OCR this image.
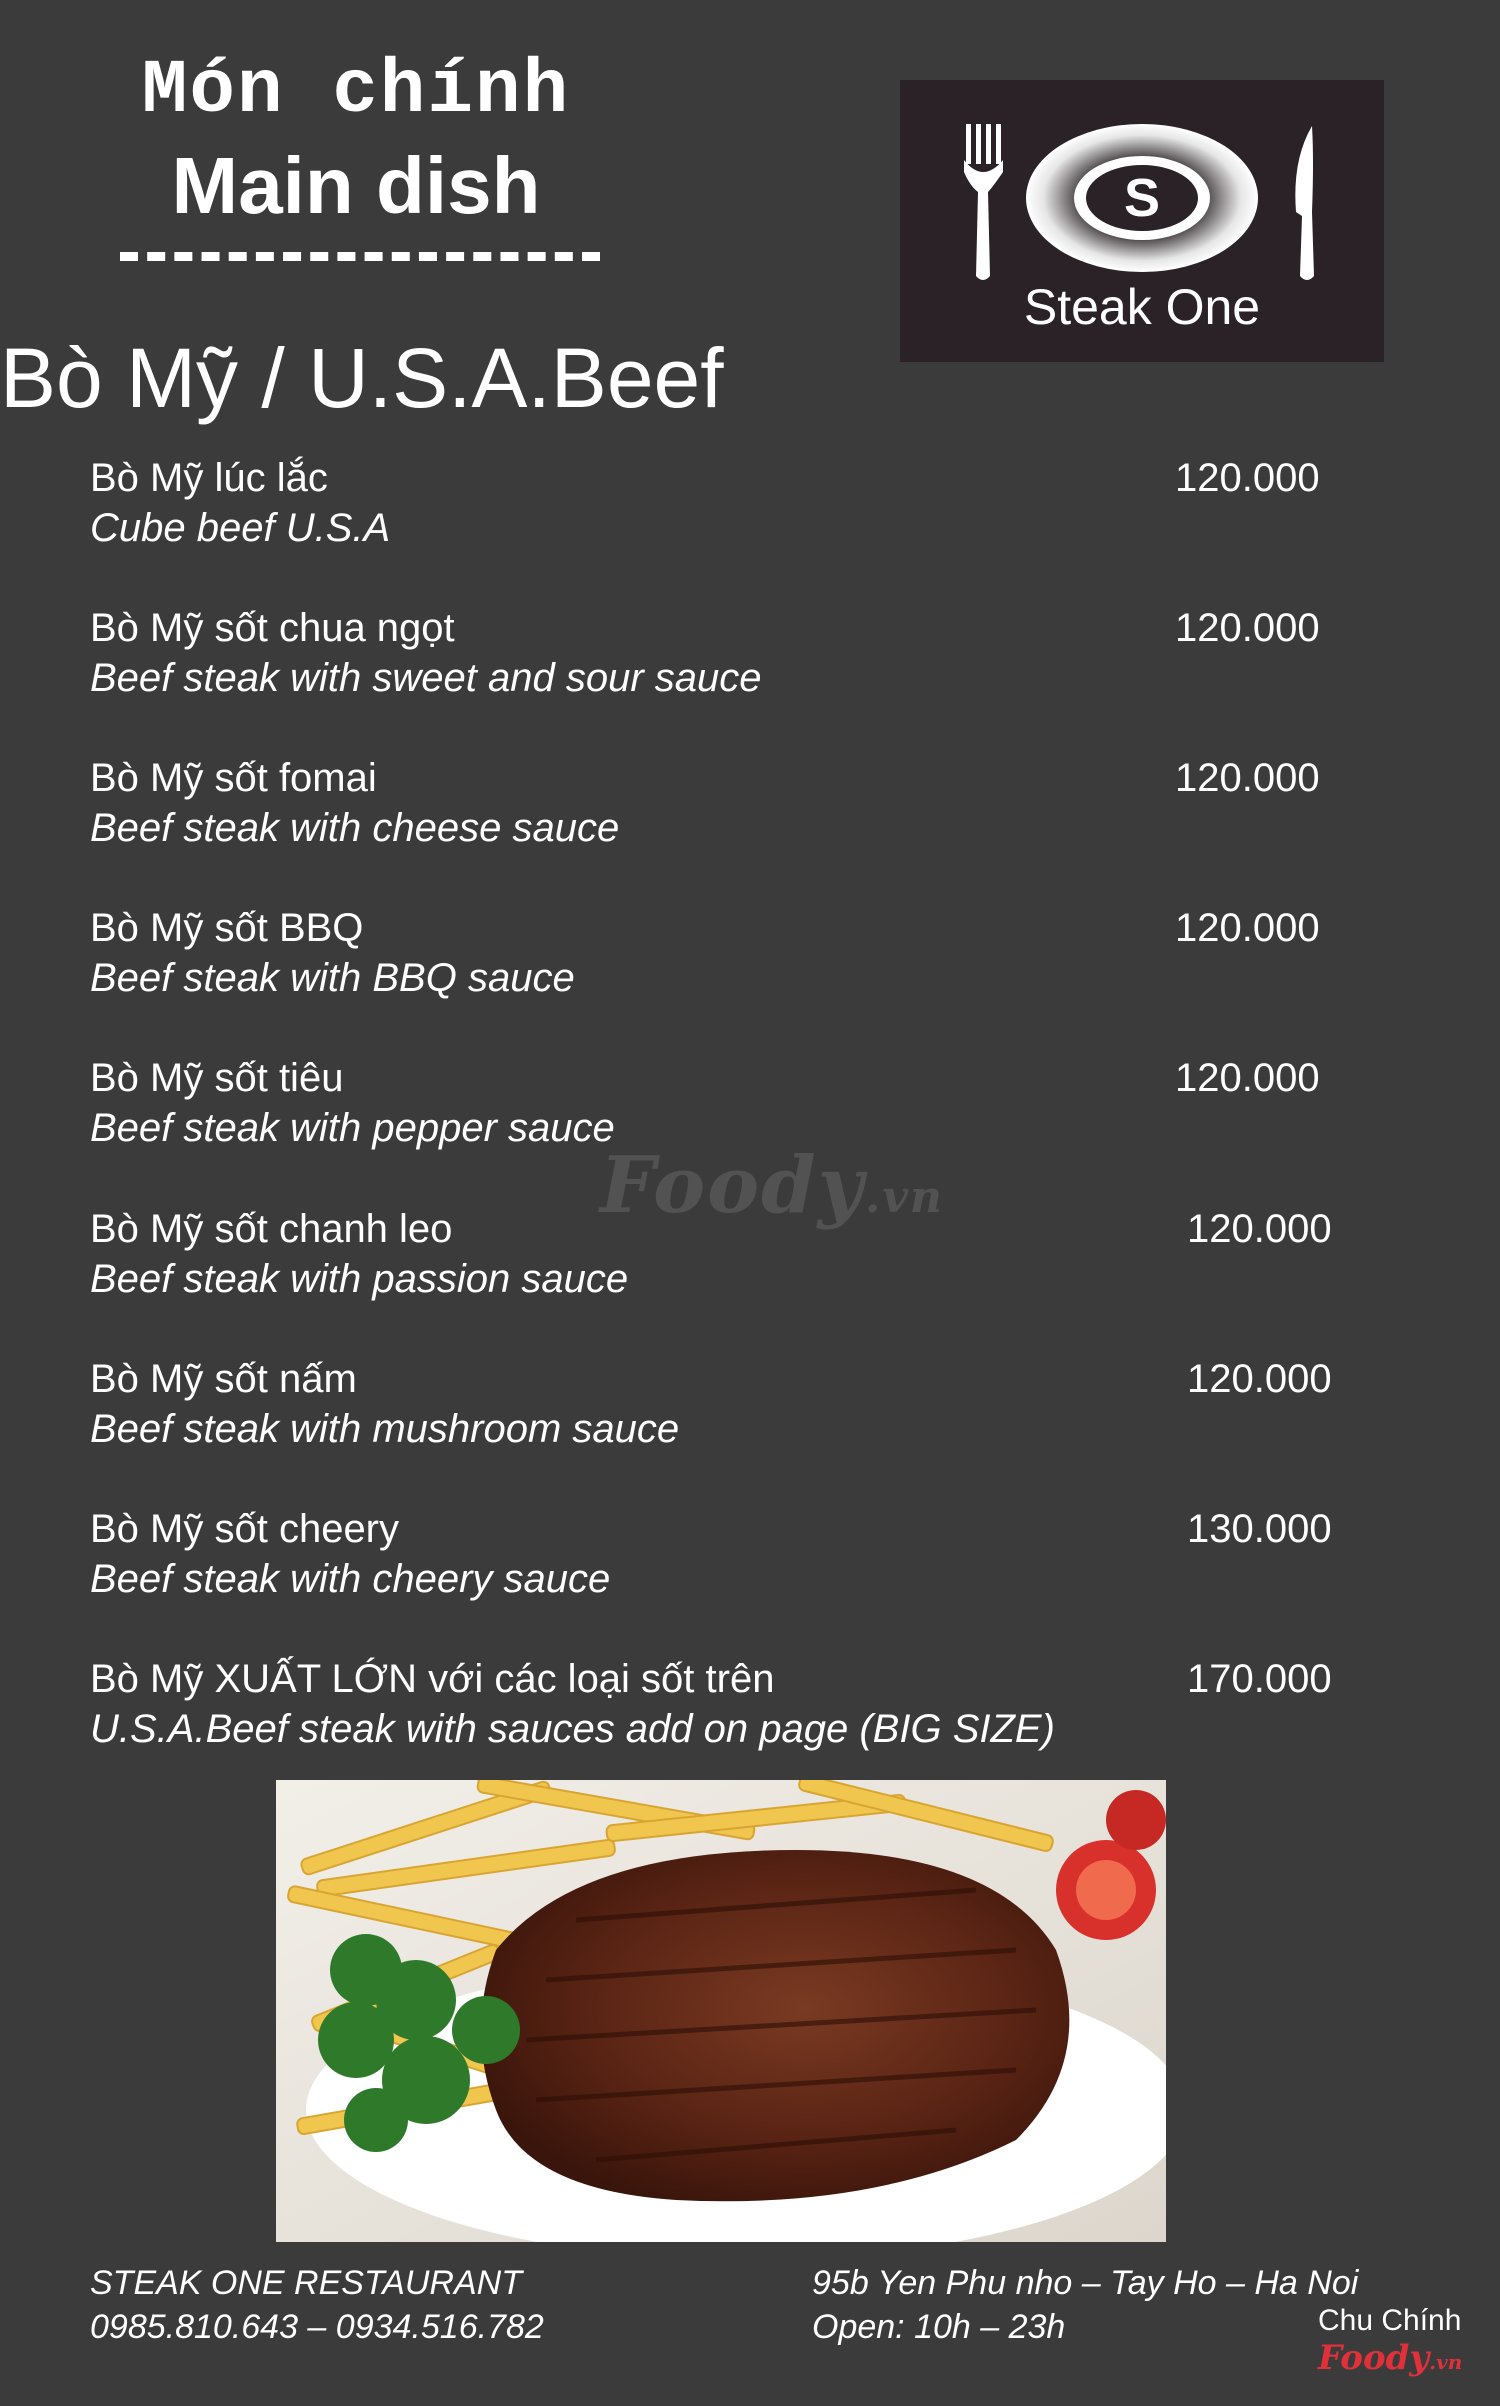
Món chính
Main dish
Bò Mỹ / U.S.A.Beef
S
Steak One
Foody.vn
Bò Mỹ lúc lắc
Cube beef U.S.A
120.000
Bò Mỹ sốt chua ngọt
Beef steak with sweet and sour sauce
120.000
Bò Mỹ sốt fomai
Beef steak with cheese sauce
120.000
Bò Mỹ sốt BBQ
Beef steak with BBQ sauce
120.000
Bò Mỹ sốt tiêu
Beef steak with pepper sauce
120.000
Bò Mỹ sốt chanh leo
Beef steak with passion sauce
120.000
Bò Mỹ sốt nấm
Beef steak with mushroom sauce
120.000
Bò Mỹ sốt cheery
Beef steak with cheery sauce
130.000
Bò Mỹ XUẤT LỚN với các loại sốt trên
U.S.A.Beef steak with sauces add on page (BIG SIZE)
170.000
STEAK ONE RESTAURANT
0985.810.643 – 0934.516.782
95b Yen Phu nho – Tay Ho – Ha Noi
Open: 10h – 23h	Chu Chính
Foody.vn
